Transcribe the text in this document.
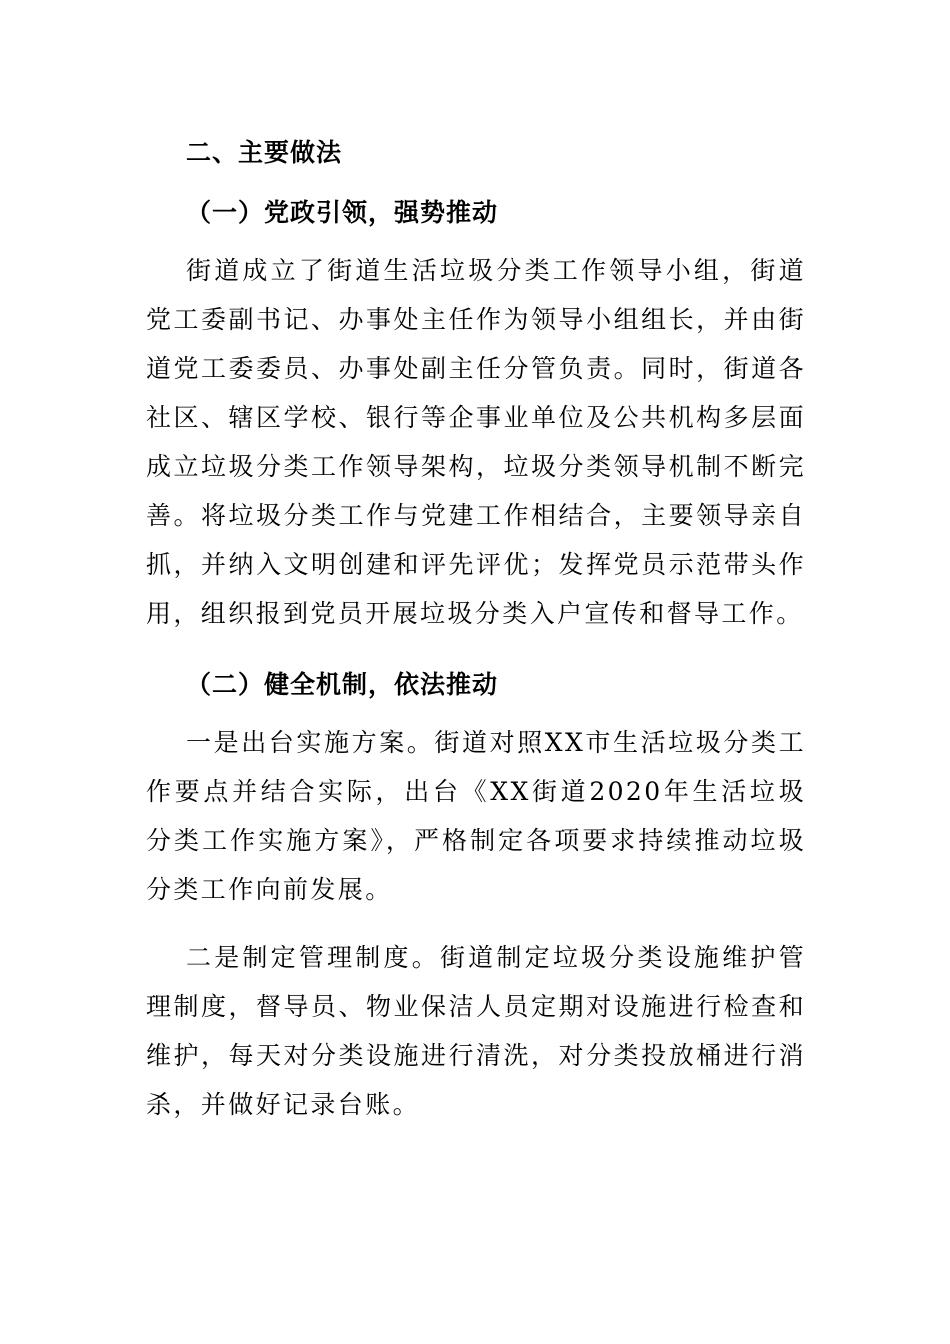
二、主要做法
（一）党政引领，强势推动

街道成立了街道生活垃圾分类工作领导小组，街道党工委副书记、办事处主任作为领导小组组长，并由街道党工委委员、办事处副主任分管负责。同时，街道各社区、辖区学校、银行等企事业单位及公共机构多层面成立垃圾分类工作领导架构，垃圾分类领导机制不断完善。将垃圾分类工作与党建工作相结合，主要领导亲自抓，并纳入文明创建和评先评优；发挥党员示范带头作用，组织报到党员开展垃圾分类入户宣传和督导工作。

（二）健全机制，依法推动

一是出台实施方案。街道对照XX市生活垃圾分类工作要点并结合实际，出台《XX街道2020年生活垃圾分类工作实施方案》，严格制定各项要求持续推动垃圾分类工作向前发展。

二是制定管理制度。街道制定垃圾分类设施维护管理制度，督导员、物业保洁人员定期对设施进行检查和维护，每天对分类设施进行清洗，对分类投放桶进行消杀，并做好记录台账。
